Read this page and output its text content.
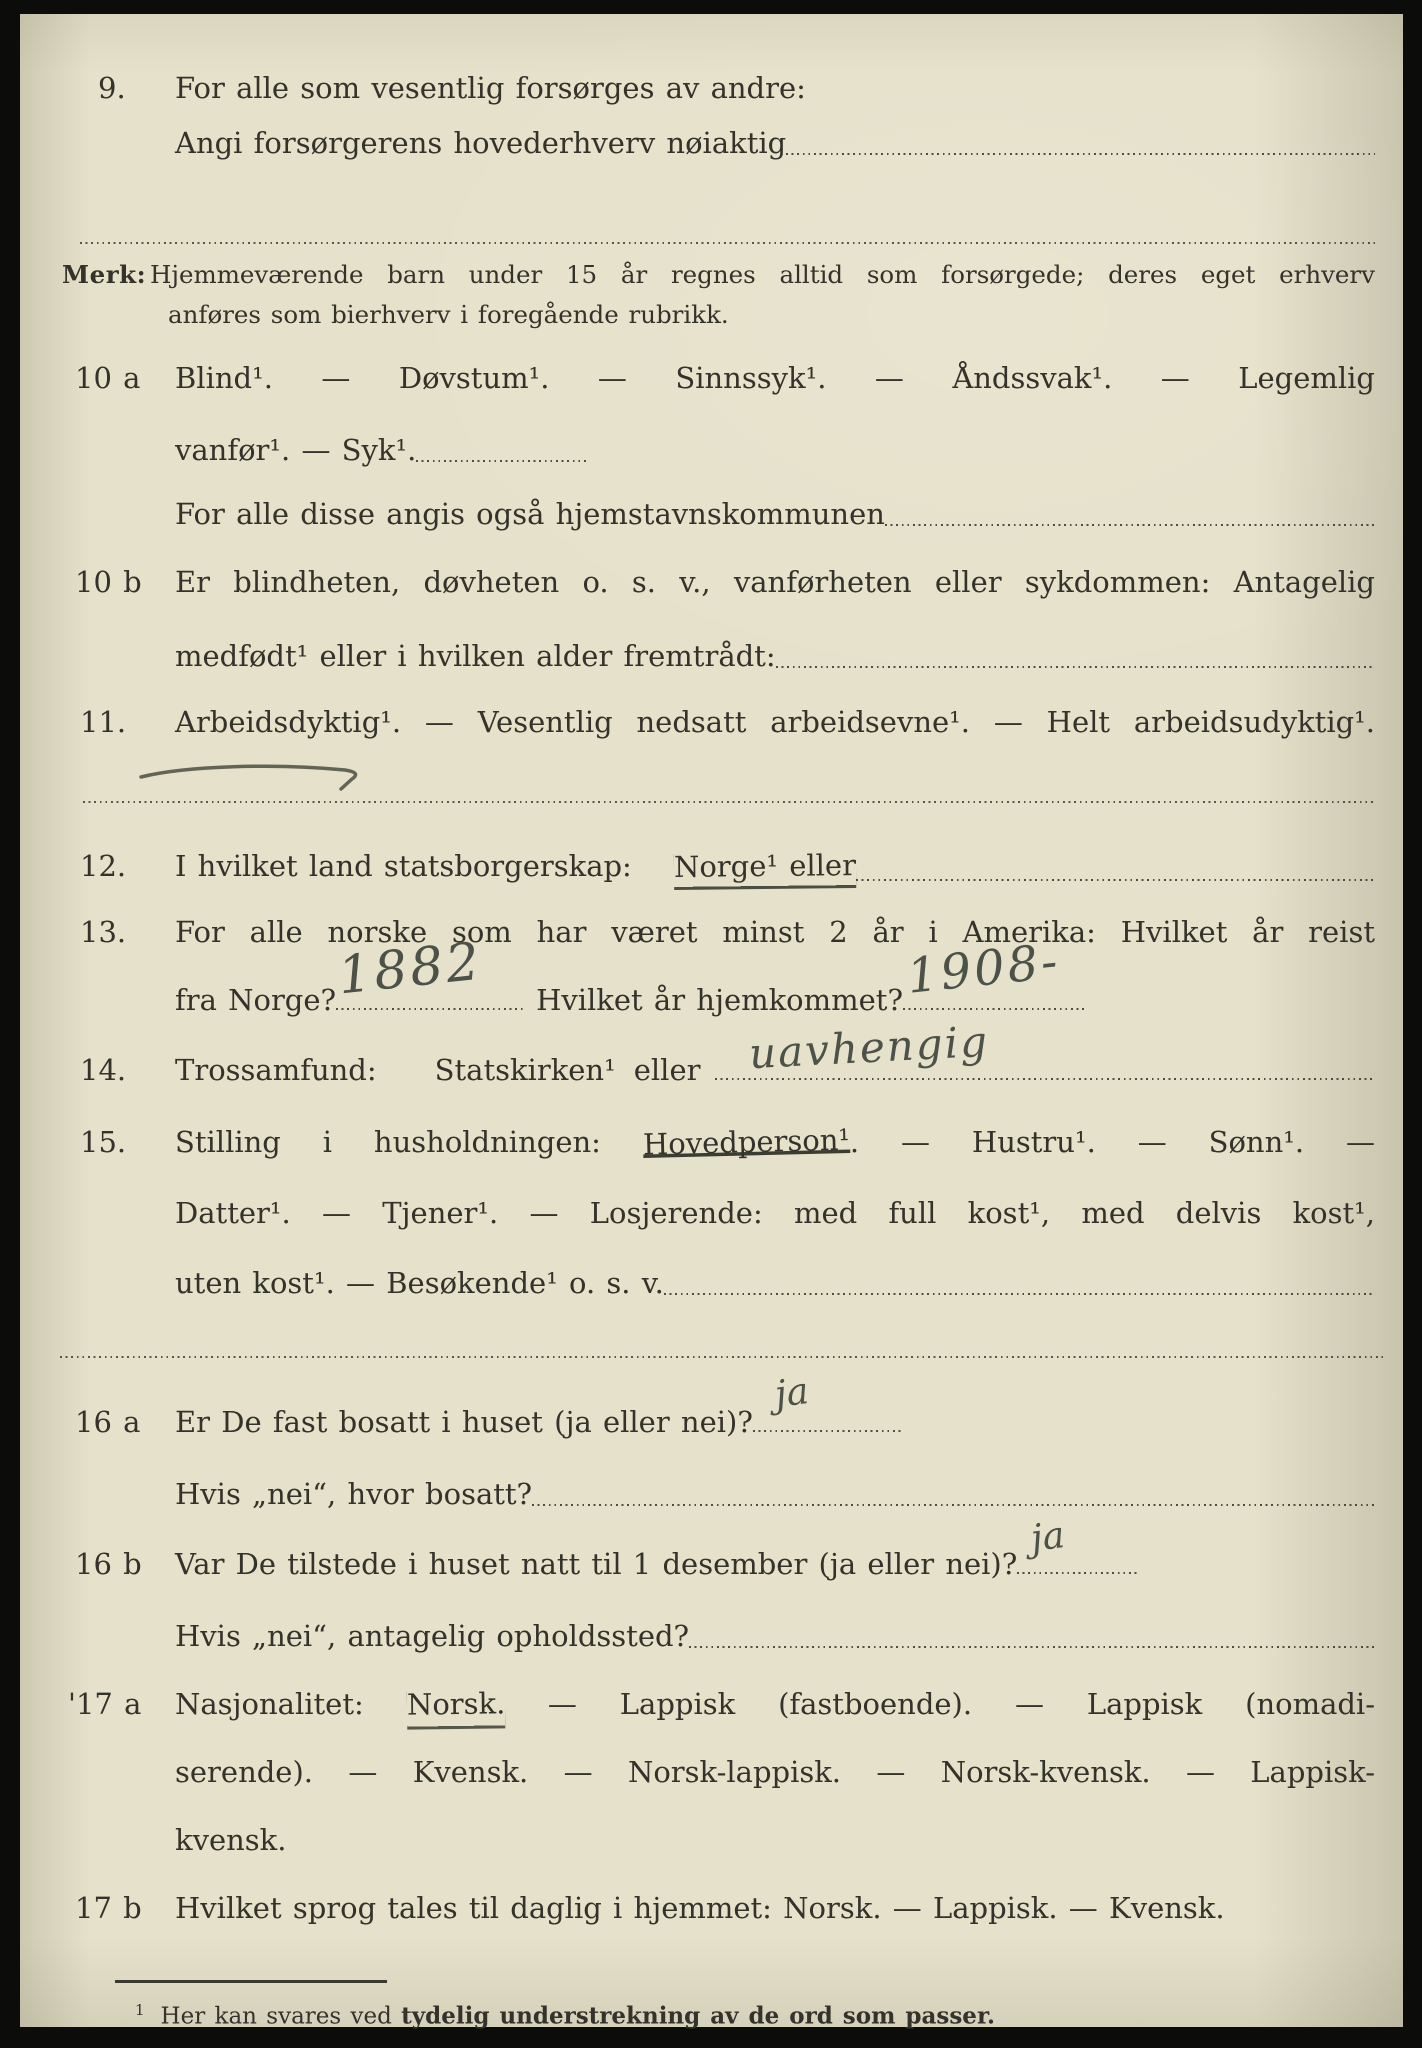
9. For alle som vesentlig forsørges av andre:
Angi forsørgerens hovederhverv nøiaktig
Merk: Hjemmeværende barn under 15 år regnes alltid som forsørgede; deres eget erhverv
anføres som bierhverv i foregående rubrikk.
10 a Blind¹. — Døvstum¹. — Sinnssyk¹. — Åndssvak¹. — Legemlig
vanfør¹. — Syk¹.
For alle disse angis også hjemstavnskommunen
10 b Er blindheten, døvheten o. s. v., vanførheten eller sykdommen: Antagelig
medfødt¹ eller i hvilken alder fremtrådt:
11. Arbeidsdyktig¹. — Vesentlig nedsatt arbeidsevne¹. — Helt arbeidsudyktig¹.
12. I hvilket land statsborgerskap: Norge¹ eller
13. For alle norske som har været minst 2 år i Amerika: Hvilket år reist
fra Norge? 1882 Hvilket år hjemkommet? 1908-
14. Trossamfund: Statskirken¹ eller uavhengig
15. Stilling i husholdningen: Hovedperson¹. — Hustru¹. — Sønn¹. —
Datter¹. — Tjener¹. — Losjerende: med full kost¹, med delvis kost¹,
uten kost¹. — Besøkende¹ o. s. v.
16 a Er De fast bosatt i huset (ja eller nei)?
ja
Hvis „nei“, hvor bosatt?
16 b Var De tilstede i huset natt til 1 desember (ja eller nei)?
ja
Hvis „nei“, antagelig opholdssted?
'17 a Nasjonalitet: Norsk. — Lappisk (fastboende). — Lappisk (nomadi-
serende). — Kvensk. — Norsk-lappisk. — Norsk-kvensk. — Lappisk-
kvensk.
17 b Hvilket sprog tales til daglig i hjemmet: Norsk. — Lappisk. — Kvensk.
$^1$ Her kan svares ved tydelig understrekning av de ord som passer.
